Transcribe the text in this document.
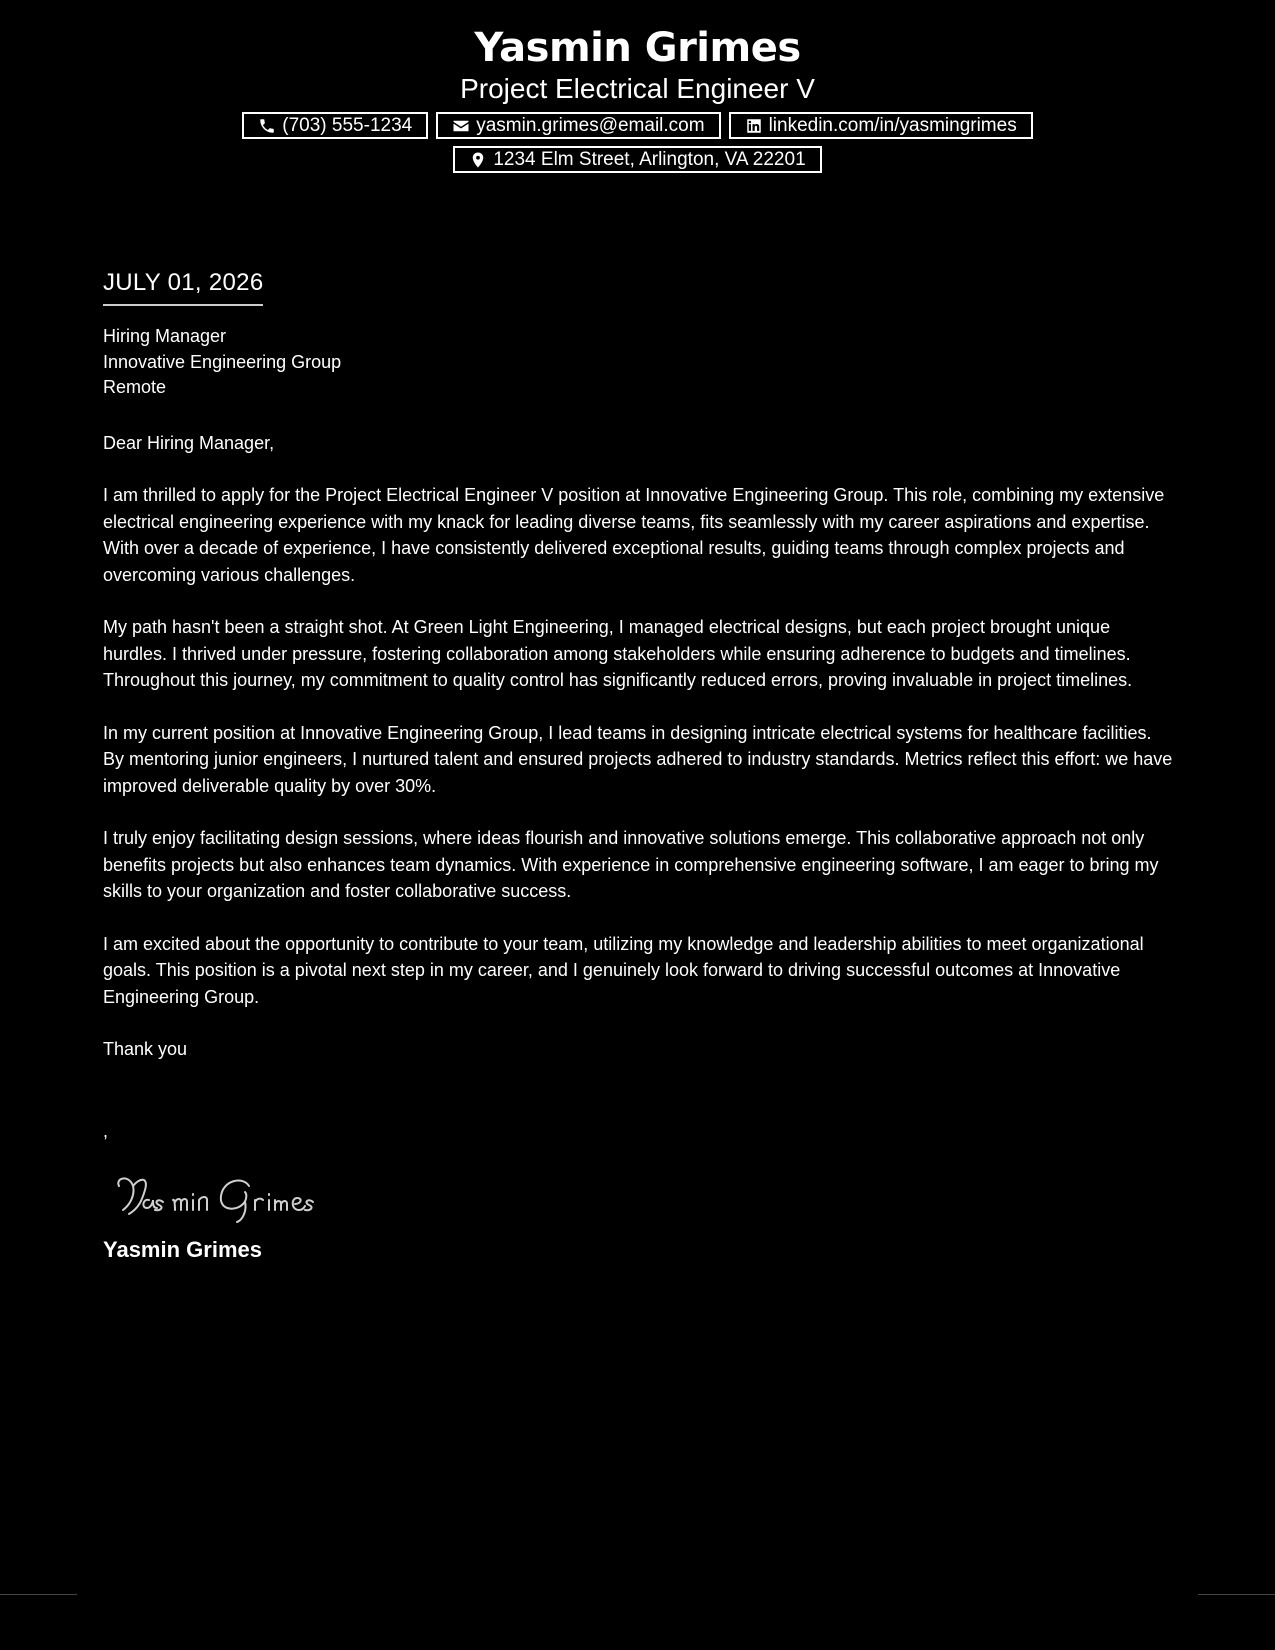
Yasmin Grimes
Project Electrical Engineer V
(703) 555-1234	yasmin.grimes@email.com	linkedin.com/in/yasmingrimes
1234 Elm Street, Arlington, VA 22201
JULY 01, 2026
Hiring Manager
Innovative Engineering Group
Remote
Dear Hiring Manager,
I am thrilled to apply for the Project Electrical Engineer V position at Innovative Engineering Group. This role, combining my extensive electrical engineering experience with my knack for leading diverse teams, fits seamlessly with my career aspirations and expertise. With over a decade of experience, I have consistently delivered exceptional results, guiding teams through complex projects and overcoming various challenges.
My path hasn't been a straight shot. At Green Light Engineering, I managed electrical designs, but each project brought unique hurdles. I thrived under pressure, fostering collaboration among stakeholders while ensuring adherence to budgets and timelines. Throughout this journey, my commitment to quality control has significantly reduced errors, proving invaluable in project timelines.
In my current position at Innovative Engineering Group, I lead teams in designing intricate electrical systems for healthcare facilities. By mentoring junior engineers, I nurtured talent and ensured projects adhered to industry standards. Metrics reflect this effort: we have improved deliverable quality by over 30%.
I truly enjoy facilitating design sessions, where ideas flourish and innovative solutions emerge. This collaborative approach not only benefits projects but also enhances team dynamics. With experience in comprehensive engineering software, I am eager to bring my skills to your organization and foster collaborative success.
I am excited about the opportunity to contribute to your team, utilizing my knowledge and leadership abilities to meet organizational goals. This position is a pivotal next step in my career, and I genuinely look forward to driving successful outcomes at Innovative Engineering Group.
Thank you
,
Yasmin Grimes
